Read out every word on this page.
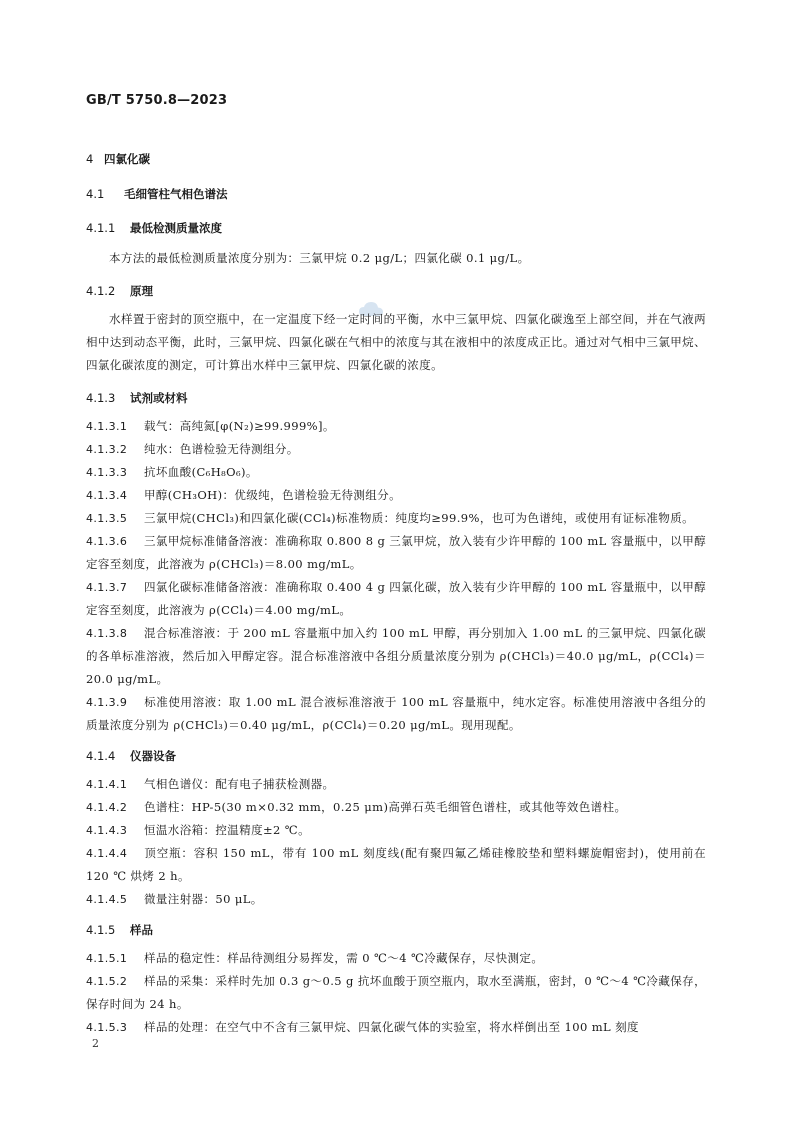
GB/T 5750.8—2023
4 四氯化碳
4.1 毛细管柱气相色谱法
4.1.1 最低检测质量浓度
本方法的最低检测质量浓度分别为：三氯甲烷 0.2 μg/L；四氯化碳 0.1 μg/L。
4.1.2 原理
水样置于密封的顶空瓶中，在一定温度下经一定时间的平衡，水中三氯甲烷、四氯化碳逸至上部空间，并在气液两相中达到动态平衡，此时，三氯甲烷、四氯化碳在气相中的浓度与其在液相中的浓度成正比。通过对气相中三氯甲烷、四氯化碳浓度的测定，可计算出水样中三氯甲烷、四氯化碳的浓度。
4.1.3 试剂或材料
4.1.3.1 载气：高纯氮[φ(N₂)≥99.999%]。
4.1.3.2 纯水：色谱检验无待测组分。
4.1.3.3 抗坏血酸(C₆H₈O₆)。
4.1.3.4 甲醇(CH₃OH)：优级纯，色谱检验无待测组分。
4.1.3.5 三氯甲烷(CHCl₃)和四氯化碳(CCl₄)标准物质：纯度均≥99.9%，也可为色谱纯，或使用有证标准物质。
4.1.3.6 三氯甲烷标准储备溶液：准确称取 0.800 8 g 三氯甲烷，放入装有少许甲醇的 100 mL 容量瓶中，以甲醇定容至刻度，此溶液为 ρ(CHCl₃)＝8.00 mg/mL。
4.1.3.7 四氯化碳标准储备溶液：准确称取 0.400 4 g 四氯化碳，放入装有少许甲醇的 100 mL 容量瓶中，以甲醇定容至刻度，此溶液为 ρ(CCl₄)＝4.00 mg/mL。
4.1.3.8 混合标准溶液：于 200 mL 容量瓶中加入约 100 mL 甲醇，再分别加入 1.00 mL 的三氯甲烷、四氯化碳的各单标准溶液，然后加入甲醇定容。混合标准溶液中各组分质量浓度分别为 ρ(CHCl₃)＝40.0 μg/mL，ρ(CCl₄)＝20.0 μg/mL。
4.1.3.9 标准使用溶液：取 1.00 mL 混合液标准溶液于 100 mL 容量瓶中，纯水定容。标准使用溶液中各组分的质量浓度分别为 ρ(CHCl₃)＝0.40 μg/mL，ρ(CCl₄)＝0.20 μg/mL。现用现配。
4.1.4 仪器设备
4.1.4.1 气相色谱仪：配有电子捕获检测器。
4.1.4.2 色谱柱：HP-5(30 m×0.32 mm，0.25 μm)高弹石英毛细管色谱柱，或其他等效色谱柱。
4.1.4.3 恒温水浴箱：控温精度±2 ℃。
4.1.4.4 顶空瓶：容积 150 mL，带有 100 mL 刻度线(配有聚四氟乙烯硅橡胶垫和塑料螺旋帽密封)，使用前在 120 ℃ 烘烤 2 h。
4.1.4.5 微量注射器：50 μL。
4.1.5 样品
4.1.5.1 样品的稳定性：样品待测组分易挥发，需 0 ℃～4 ℃冷藏保存，尽快测定。
4.1.5.2 样品的采集：采样时先加 0.3 g～0.5 g 抗坏血酸于顶空瓶内，取水至满瓶，密封，0 ℃～4 ℃冷藏保存，保存时间为 24 h。
4.1.5.3 样品的处理：在空气中不含有三氯甲烷、四氯化碳气体的实验室，将水样倒出至 100 mL 刻度
2
